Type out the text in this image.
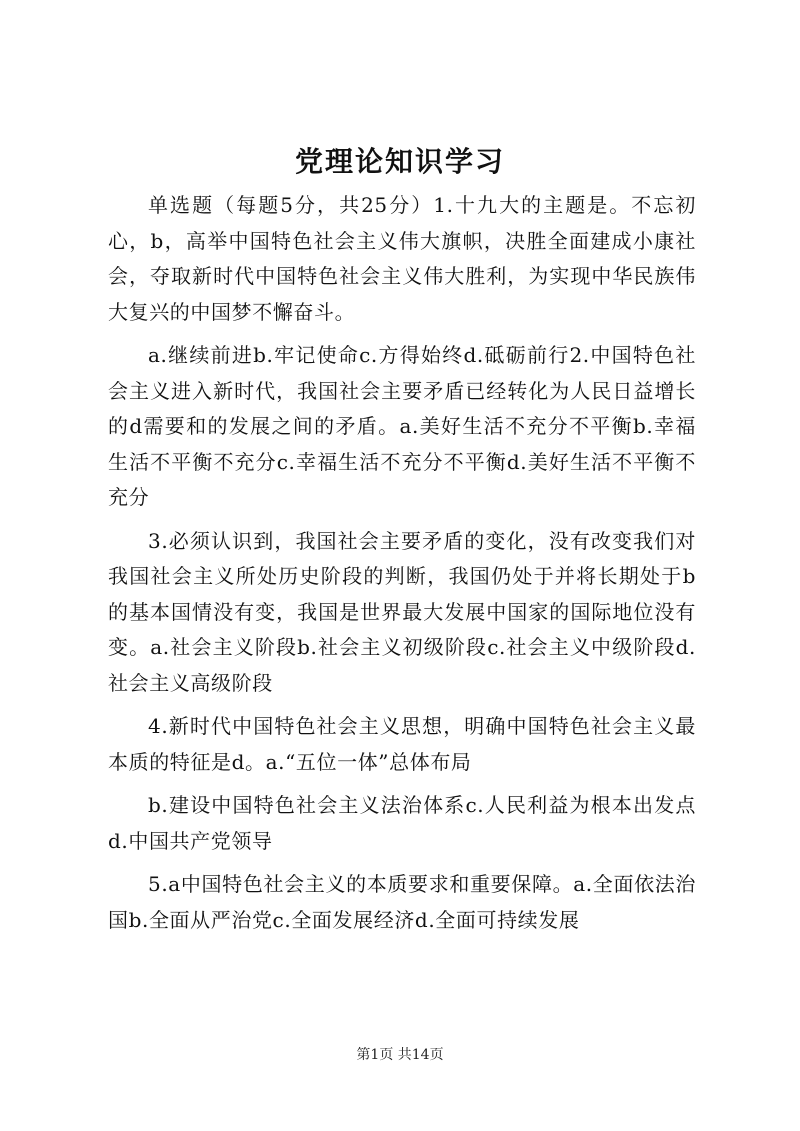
党理论知识学习

单选题（每题5分，共25分）1.十九大的主题是。不忘初心，b，高举中国特色社会主义伟大旗帜，决胜全面建成小康社会，夺取新时代中国特色社会主义伟大胜利，为实现中华民族伟大复兴的中国梦不懈奋斗。

a.继续前进b.牢记使命c.方得始终d.砥砺前行2.中国特色社会主义进入新时代，我国社会主要矛盾已经转化为人民日益增长的d需要和的发展之间的矛盾。a.美好生活不充分不平衡b.幸福生活不平衡不充分c.幸福生活不充分不平衡d.美好生活不平衡不充分

3.必须认识到，我国社会主要矛盾的变化，没有改变我们对我国社会主义所处历史阶段的判断，我国仍处于并将长期处于b的基本国情没有变，我国是世界最大发展中国家的国际地位没有变。a.社会主义阶段b.社会主义初级阶段c.社会主义中级阶段d.社会主义高级阶段

4.新时代中国特色社会主义思想，明确中国特色社会主义最本质的特征是d。a.“五位一体”总体布局

b.建设中国特色社会主义法治体系c.人民利益为根本出发点d.中国共产党领导

5.a中国特色社会主义的本质要求和重要保障。a.全面依法治国b.全面从严治党c.全面发展经济d.全面可持续发展

第1页 共14页
